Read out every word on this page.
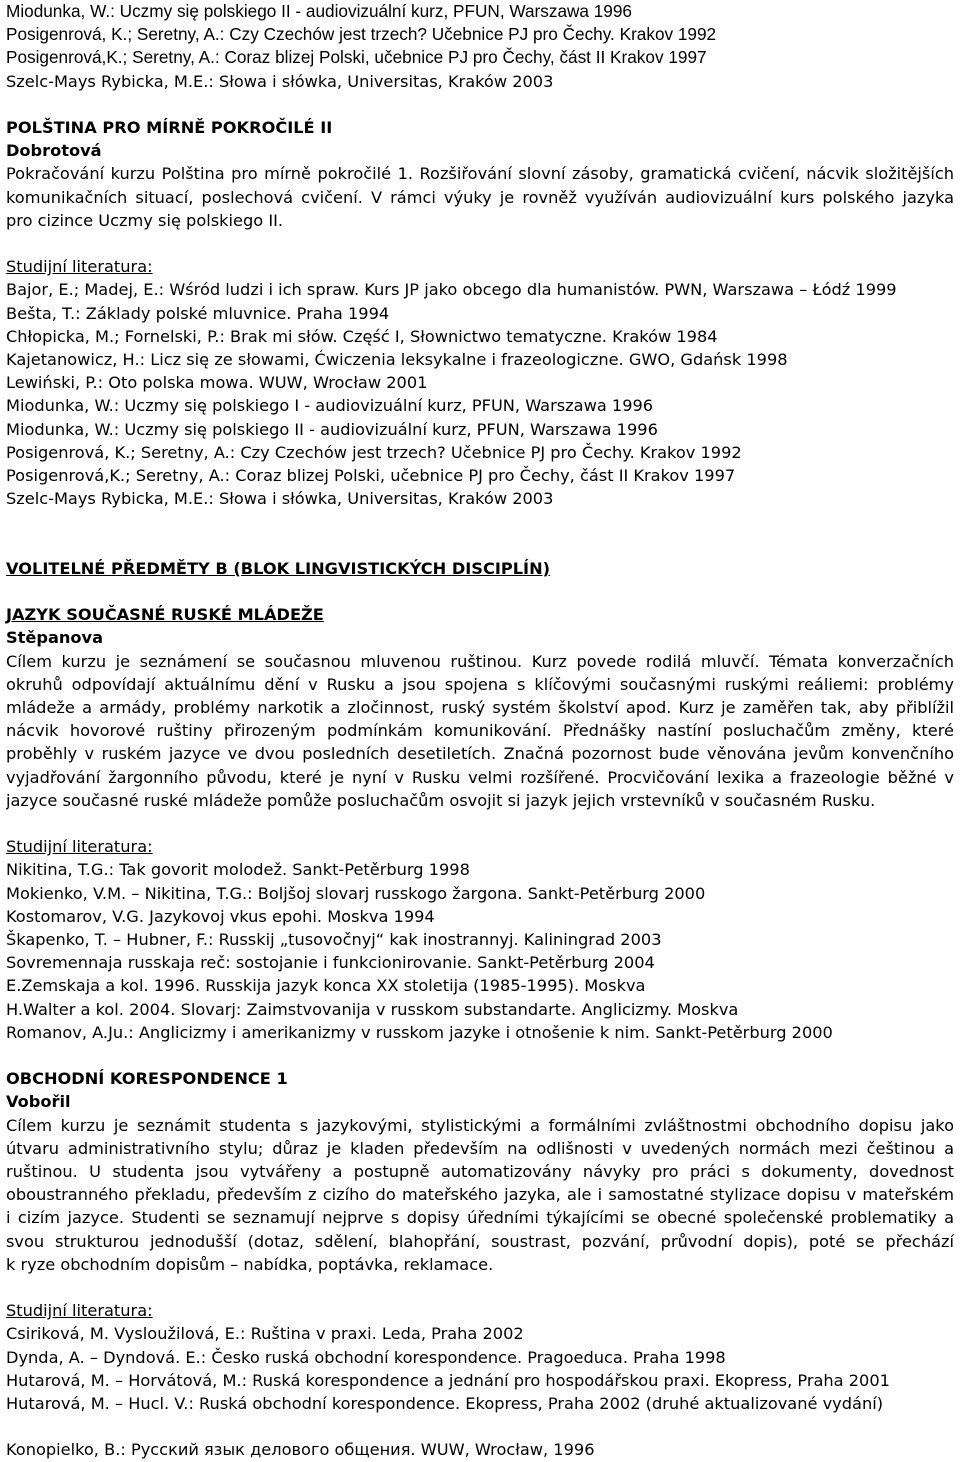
Miodunka, W.: Uczmy się polskiego II - audiovizuální kurz, PFUN, Warszawa 1996
Posigenrová, K.; Seretny, A.: Czy Czechów jest trzech? Učebnice PJ pro Čechy. Krakov 1992
Posigenrová,K.; Seretny, A.: Coraz blizej Polski, učebnice PJ pro Čechy, část II Krakov 1997
Szelc-Mays Rybicka, M.E.: Słowa i słówka, Universitas, Kraków 2003
POLŠTINA PRO MÍRNĚ POKROČILÉ II
Dobrotová
Pokračování kurzu Polština pro mírně pokročilé 1. Rozšiřování slovní zásoby, gramatická cvičení, nácvik složitějších
komunikačních situací, poslechová cvičení. V rámci výuky je rovněž využíván audiovizuální kurs polského jazyka
pro cizince Uczmy się polskiego II.
Studijní literatura:
Bajor, E.; Madej, E.: Wśród ludzi i ich spraw. Kurs JP jako obcego dla humanistów. PWN, Warszawa – Łódź 1999
Bešta, T.: Základy polské mluvnice. Praha 1994
Chłopicka, M.; Fornelski, P.: Brak mi słów. Część I, Słownictwo tematyczne. Kraków 1984
Kajetanowicz, H.: Licz się ze słowami, Ćwiczenia leksykalne i frazeologiczne. GWO, Gdańsk 1998
Lewiński, P.: Oto polska mowa. WUW, Wrocław 2001
Miodunka, W.: Uczmy się polskiego I - audiovizuální kurz, PFUN, Warszawa 1996
Miodunka, W.: Uczmy się polskiego II - audiovizuální kurz, PFUN, Warszawa 1996
Posigenrová, K.; Seretny, A.: Czy Czechów jest trzech? Učebnice PJ pro Čechy. Krakov 1992
Posigenrová,K.; Seretny, A.: Coraz blizej Polski, učebnice PJ pro Čechy, část II Krakov 1997
Szelc-Mays Rybicka, M.E.: Słowa i słówka, Universitas, Kraków 2003
VOLITELNÉ PŘEDMĚTY B (BLOK LINGVISTICKÝCH DISCIPLÍN)
JAZYK SOUČASNÉ RUSKÉ MLÁDEŽE
Stěpanova
Cílem kurzu je seznámení se současnou mluvenou ruštinou. Kurz povede rodilá mluvčí. Témata konverzačních
okruhů odpovídají aktuálnímu dění v Rusku a jsou spojena s klíčovými současnými ruskými reáliemi: problémy
mládeže a armády, problémy narkotik a zločinnost, ruský systém školství apod. Kurz je zaměřen tak, aby přiblížil
nácvik hovorové ruštiny přirozeným podmínkám komunikování. Přednášky nastíní posluchačům změny, které
proběhly v ruském jazyce ve dvou posledních desetiletích. Značná pozornost bude věnována jevům konvenčního
vyjadřování žargonního původu, které je nyní v Rusku velmi rozšířené. Procvičování lexika a frazeologie běžné v
jazyce současné ruské mládeže pomůže posluchačům osvojit si jazyk jejich vrstevníků v současném Rusku.
Studijní literatura:
Nikitina, T.G.: Tak govorit molodež. Sankt-Petěrburg 1998
Mokienko, V.M. – Nikitina, T.G.: Boljšoj slovarj russkogo žargona. Sankt-Petěrburg 2000
Kostomarov, V.G. Jazykovoj vkus epohi. Moskva 1994
Škapenko, T. – Hubner, F.: Russkij „tusovočnyj“ kak inostrannyj. Kaliningrad 2003
Sovremennaja russkaja reč: sostojanie i funkcionirovanie. Sankt-Petěrburg 2004
E.Zemskaja a kol. 1996. Russkija jazyk konca XX stoletija (1985-1995). Moskva
H.Walter a kol. 2004. Slovarj: Zaimstvovanija v russkom substandarte. Anglicizmy. Moskva
Romanov, A.Ju.: Anglicizmy i amerikanizmy v russkom jazyke i otnošenie k nim. Sankt-Petěrburg 2000
OBCHODNÍ KORESPONDENCE 1
Vobořil
Cílem kurzu je seznámit studenta s jazykovými, stylistickými a formálními zvláštnostmi obchodního dopisu jako
útvaru administrativního stylu; důraz je kladen především na odlišnosti v uvedených normách mezi češtinou a
ruštinou. U studenta jsou vytvářeny a postupně automatizovány návyky pro práci s dokumenty, dovednost
oboustranného překladu, především z cizího do mateřského jazyka, ale i samostatné stylizace dopisu v mateřském
i cizím jazyce. Studenti se seznamují nejprve s dopisy úředními týkajícími se obecné společenské problematiky a
svou strukturou jednodušší (dotaz, sdělení, blahopřání, soustrast, pozvání, průvodní dopis), poté se přechází
k ryze obchodním dopisům – nabídka, poptávka, reklamace.
Studijní literatura:
Csiriková, M. Vysloužilová, E.: Ruština v praxi. Leda, Praha 2002
Dynda, A. – Dyndová. E.: Česko ruská obchodní korespondence. Pragoeduca. Praha 1998
Hutarová, M. – Horvátová, M.: Ruská korespondence a jednání pro hospodářskou praxi. Ekopress, Praha 2001
Hutarová, M. – Hucl. V.: Ruská obchodní korespondence. Ekopress, Praha 2002 (druhé aktualizované vydání)
Konopielko, B.: Русский язык делового общения. WUW, Wrocław, 1996
